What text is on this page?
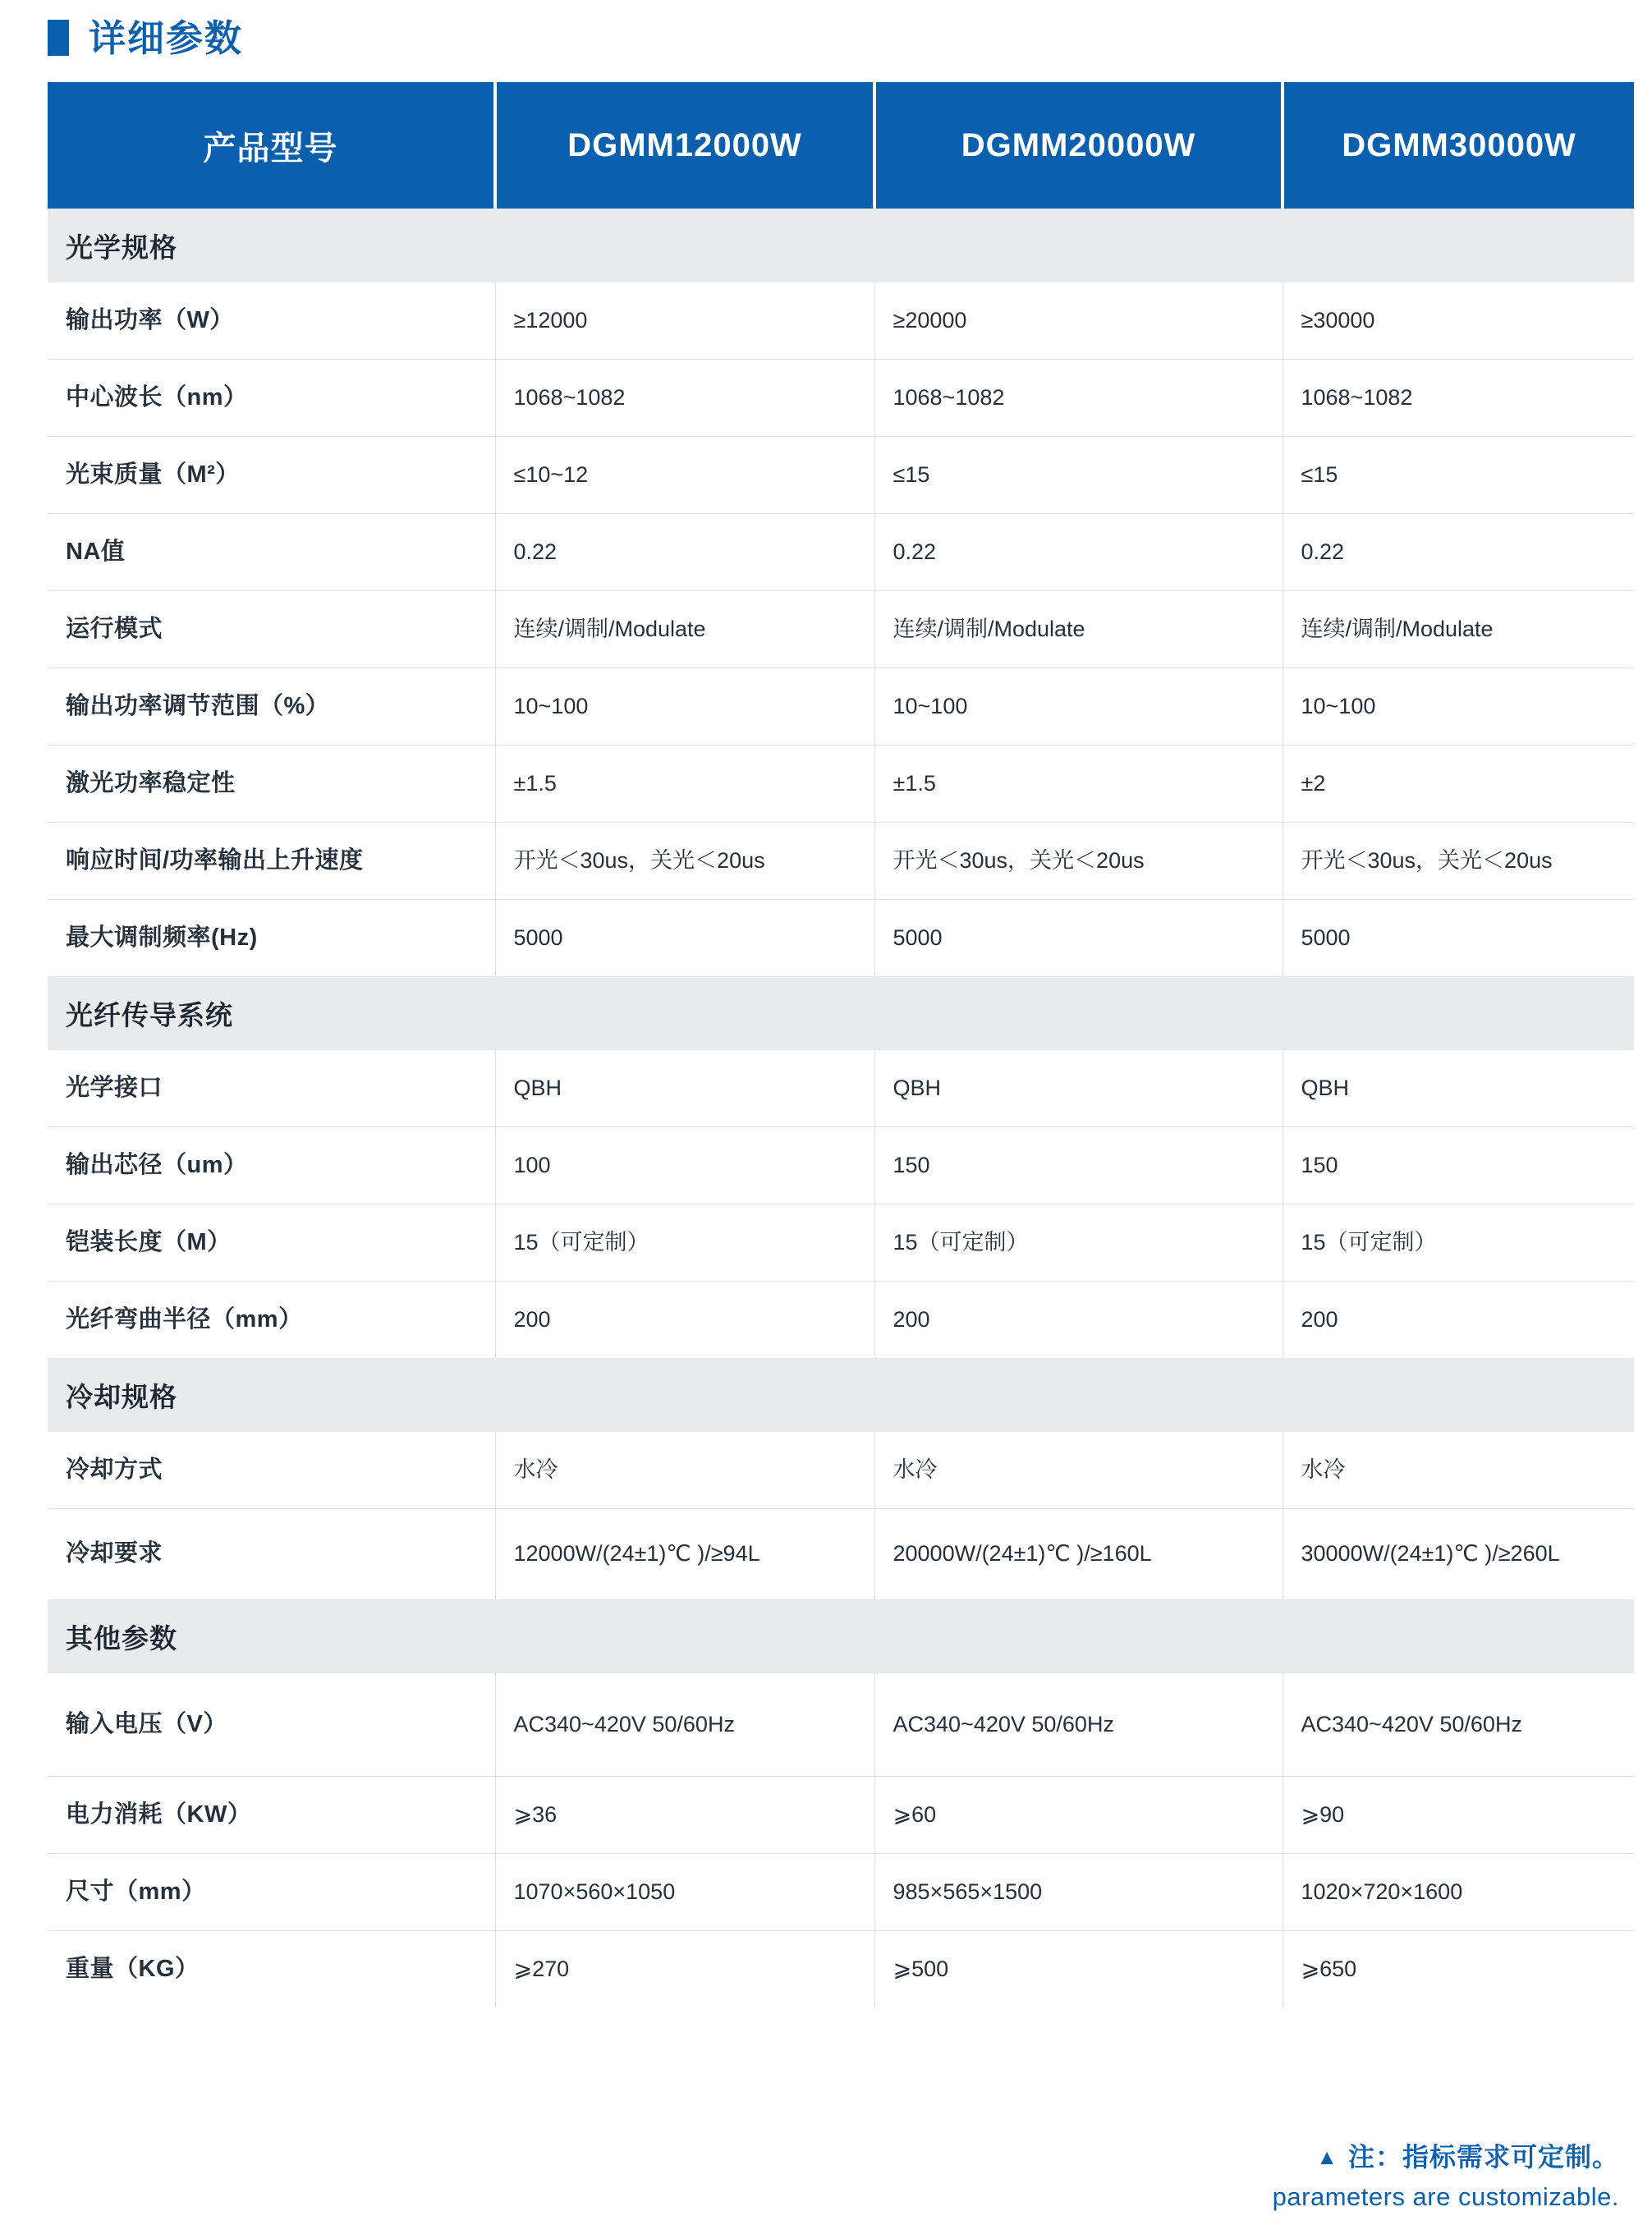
详细参数
产品型号	DGMM12000W	DGMM20000W	DGMM30000W
光学规格			
输出功率（W）	≥12000	≥20000	≥30000
中心波长（nm）	1068~1082	1068~1082	1068~1082
光束质量（M²）	≤10~12	≤15	≤15
NA值	0.22	0.22	0.22
运行模式	连续/调制/Modulate	连续/调制/Modulate	连续/调制/Modulate
输出功率调节范围（%）	10~100	10~100	10~100
激光功率稳定性	±1.5	±1.5	±2
响应时间/功率输出上升速度	开光＜30us，关光＜20us	开光＜30us，关光＜20us	开光＜30us，关光＜20us
最大调制频率(Hz)	5000	5000	5000
光纤传导系统			
光学接口	QBH	QBH	QBH
输出芯径（um）	100	150	150
铠装长度（M）	15（可定制）	15（可定制）	15（可定制）
光纤弯曲半径（mm）	200	200	200
冷却规格			
冷却方式	水冷	水冷	水冷
冷却要求	12000W/(24±1)℃ )/≥94L	20000W/(24±1)℃ )/≥160L	30000W/(24±1)℃ )/≥260L
其他参数			
输入电压（V）	AC340~420V 50/60Hz	AC340~420V 50/60Hz	AC340~420V 50/60Hz
电力消耗（KW）	⩾36	⩾60	⩾90
尺寸（mm）	1070×560×1050	985×565×1500	1020×720×1600
重量（KG）	⩾270	⩾500	⩾650
▲ 注：指标需求可定制。
parameters are customizable.
